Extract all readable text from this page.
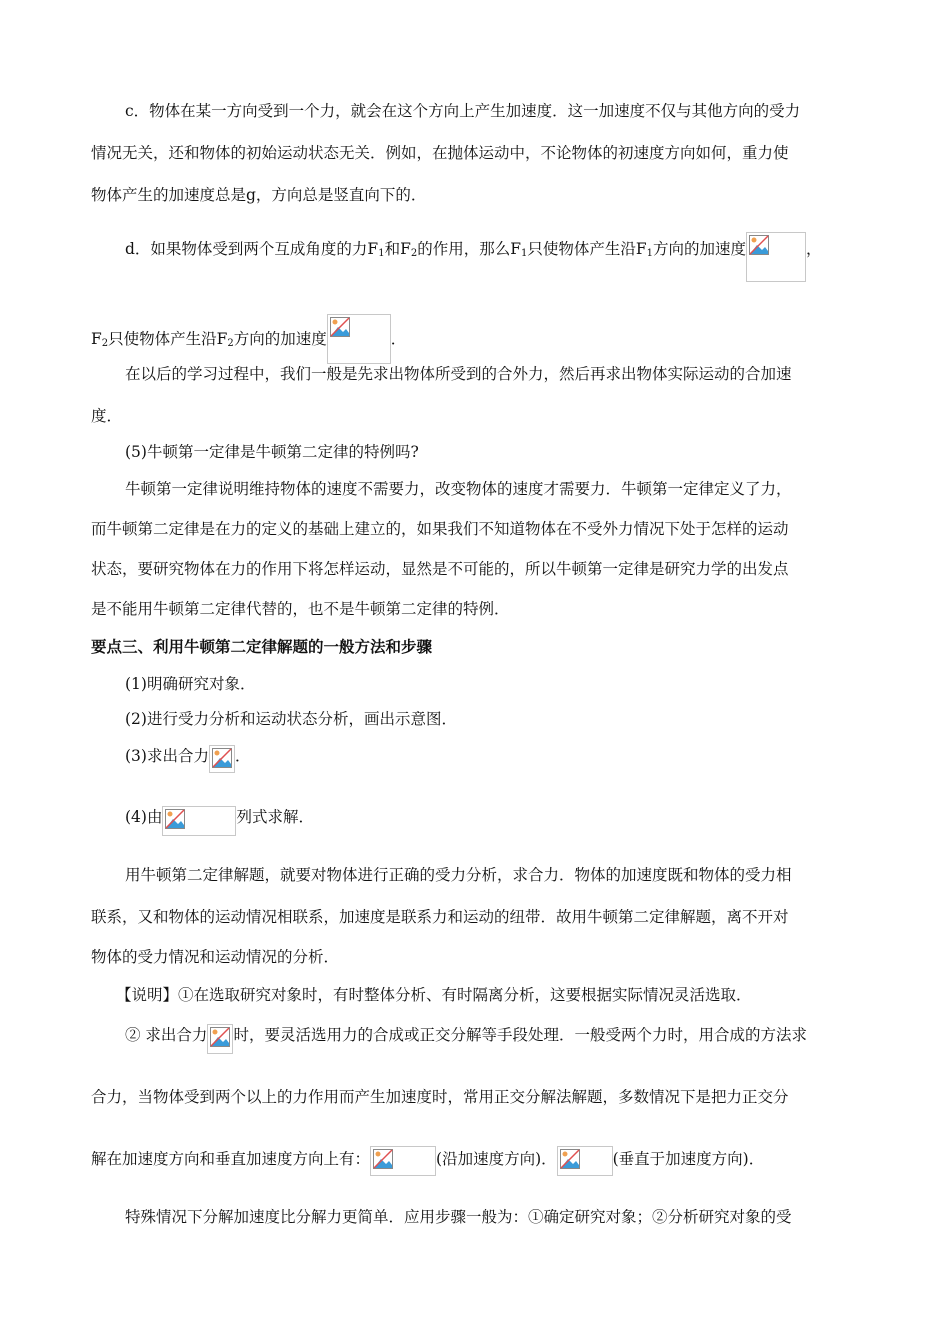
c．物体在某一方向受到一个力，就会在这个方向上产生加速度．这一加速度不仅与其他方向的受力
情况无关，还和物体的初始运动状态无关．例如，在抛体运动中，不论物体的初速度方向如何，重力使
物体产生的加速度总是g，方向总是竖直向下的．
d．如果物体受到两个互成角度的力$F_1$和$F_2$的作用，那么$F_1$只使物体产生沿$F_1$方向的加速度	，
$F_2$只使物体产生沿$F_2$方向的加速度	．
在以后的学习过程中，我们一般是先求出物体所受到的合外力，然后再求出物体实际运动的合加速
度．
(5)牛顿第一定律是牛顿第二定律的特例吗?
牛顿第一定律说明维持物体的速度不需要力，改变物体的速度才需要力．牛顿第一定律定义了力，
而牛顿第二定律是在力的定义的基础上建立的，如果我们不知道物体在不受外力情况下处于怎样的运动
状态，要研究物体在力的作用下将怎样运动，显然是不可能的，所以牛顿第一定律是研究力学的出发点
是不能用牛顿第二定律代替的，也不是牛顿第二定律的特例．
要点三、利用牛顿第二定律解题的一般方法和步骤
(1)明确研究对象．
(2)进行受力分析和运动状态分析，画出示意图．
(3)求出合力 ．
(4)由	列式求解．
用牛顿第二定律解题，就要对物体进行正确的受力分析，求合力．物体的加速度既和物体的受力相
联系，又和物体的运动情况相联系，加速度是联系力和运动的纽带．故用牛顿第二定律解题，离不开对
物体的受力情况和运动情况的分析．
【说明】①在选取研究对象时，有时整体分析、有时隔离分析，这要根据实际情况灵活选取．
② 求出合力 时，要灵活选用力的合成或正交分解等手段处理．一般受两个力时，用合成的方法求
合力，当物体受到两个以上的力作用而产生加速度时，常用正交分解法解题，多数情况下是把力正交分
解在加速度方向和垂直加速度方向上有：	(沿加速度方向)．	(垂直于加速度方向)．
特殊情况下分解加速度比分解力更简单．应用步骤一般为：①确定研究对象；②分析研究对象的受
